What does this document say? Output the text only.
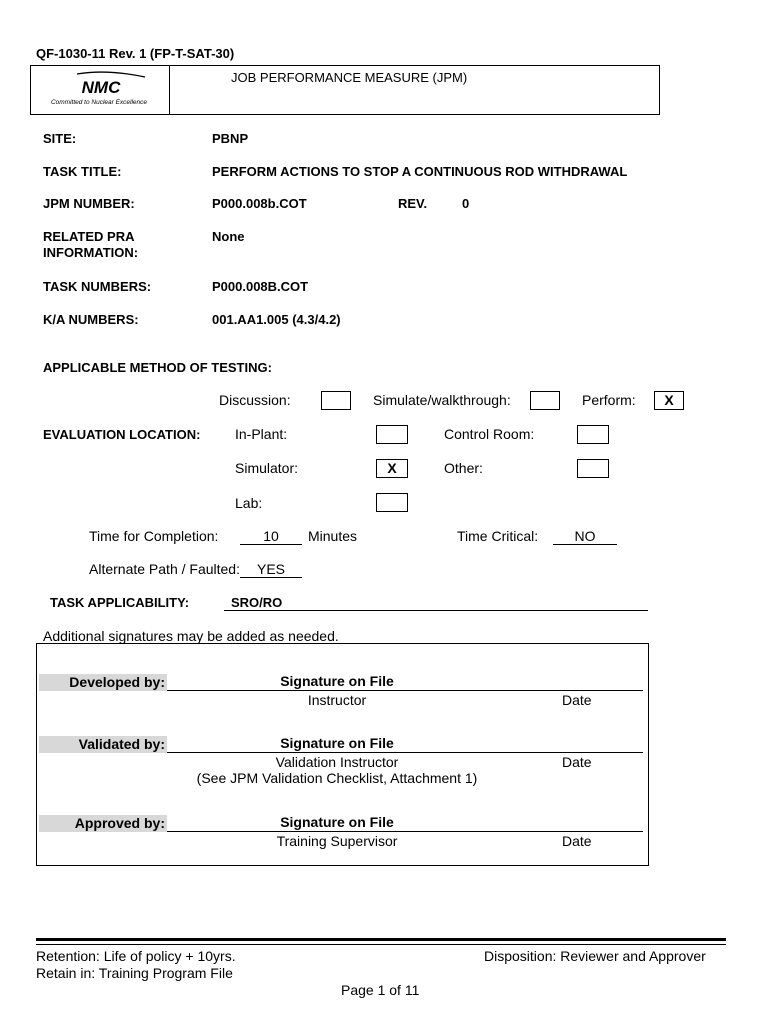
QF-1030-11 Rev. 1 (FP-T-SAT-30)
NMC
Committed to Nuclear Excellence
JOB PERFORMANCE MEASURE (JPM)
SITE:	PBNP
TASK TITLE:	PERFORM ACTIONS TO STOP A CONTINUOUS ROD WITHDRAWAL
JPM NUMBER:	P000.008b.COT	REV.	0
RELATED PRA
INFORMATION:
None
TASK NUMBERS:	P000.008B.COT
K/A NUMBERS:	001.AA1.005 (4.3/4.2)
APPLICABLE METHOD OF TESTING:
Discussion:	Simulate/walkthrough:	Perform:	X
EVALUATION LOCATION: In-Plant:	Control Room:
Simulator:	X	Other:
Lab:
Time for Completion:	10	Minutes	Time Critical:	NO
Alternate Path / Faulted:	YES
TASK APPLICABILITY:	SRO/RO
Additional signatures may be added as needed.
Developed by:	Signature on File
Instructor	Date
Validated by:	Signature on File
Validation Instructor
(See JPM Validation Checklist, Attachment 1)
Date
Approved by:	Signature on File
Training Supervisor	Date
Retention: Life of policy + 10yrs.
Retain in: Training Program File
Disposition: Reviewer and Approver
Page 1 of 11
